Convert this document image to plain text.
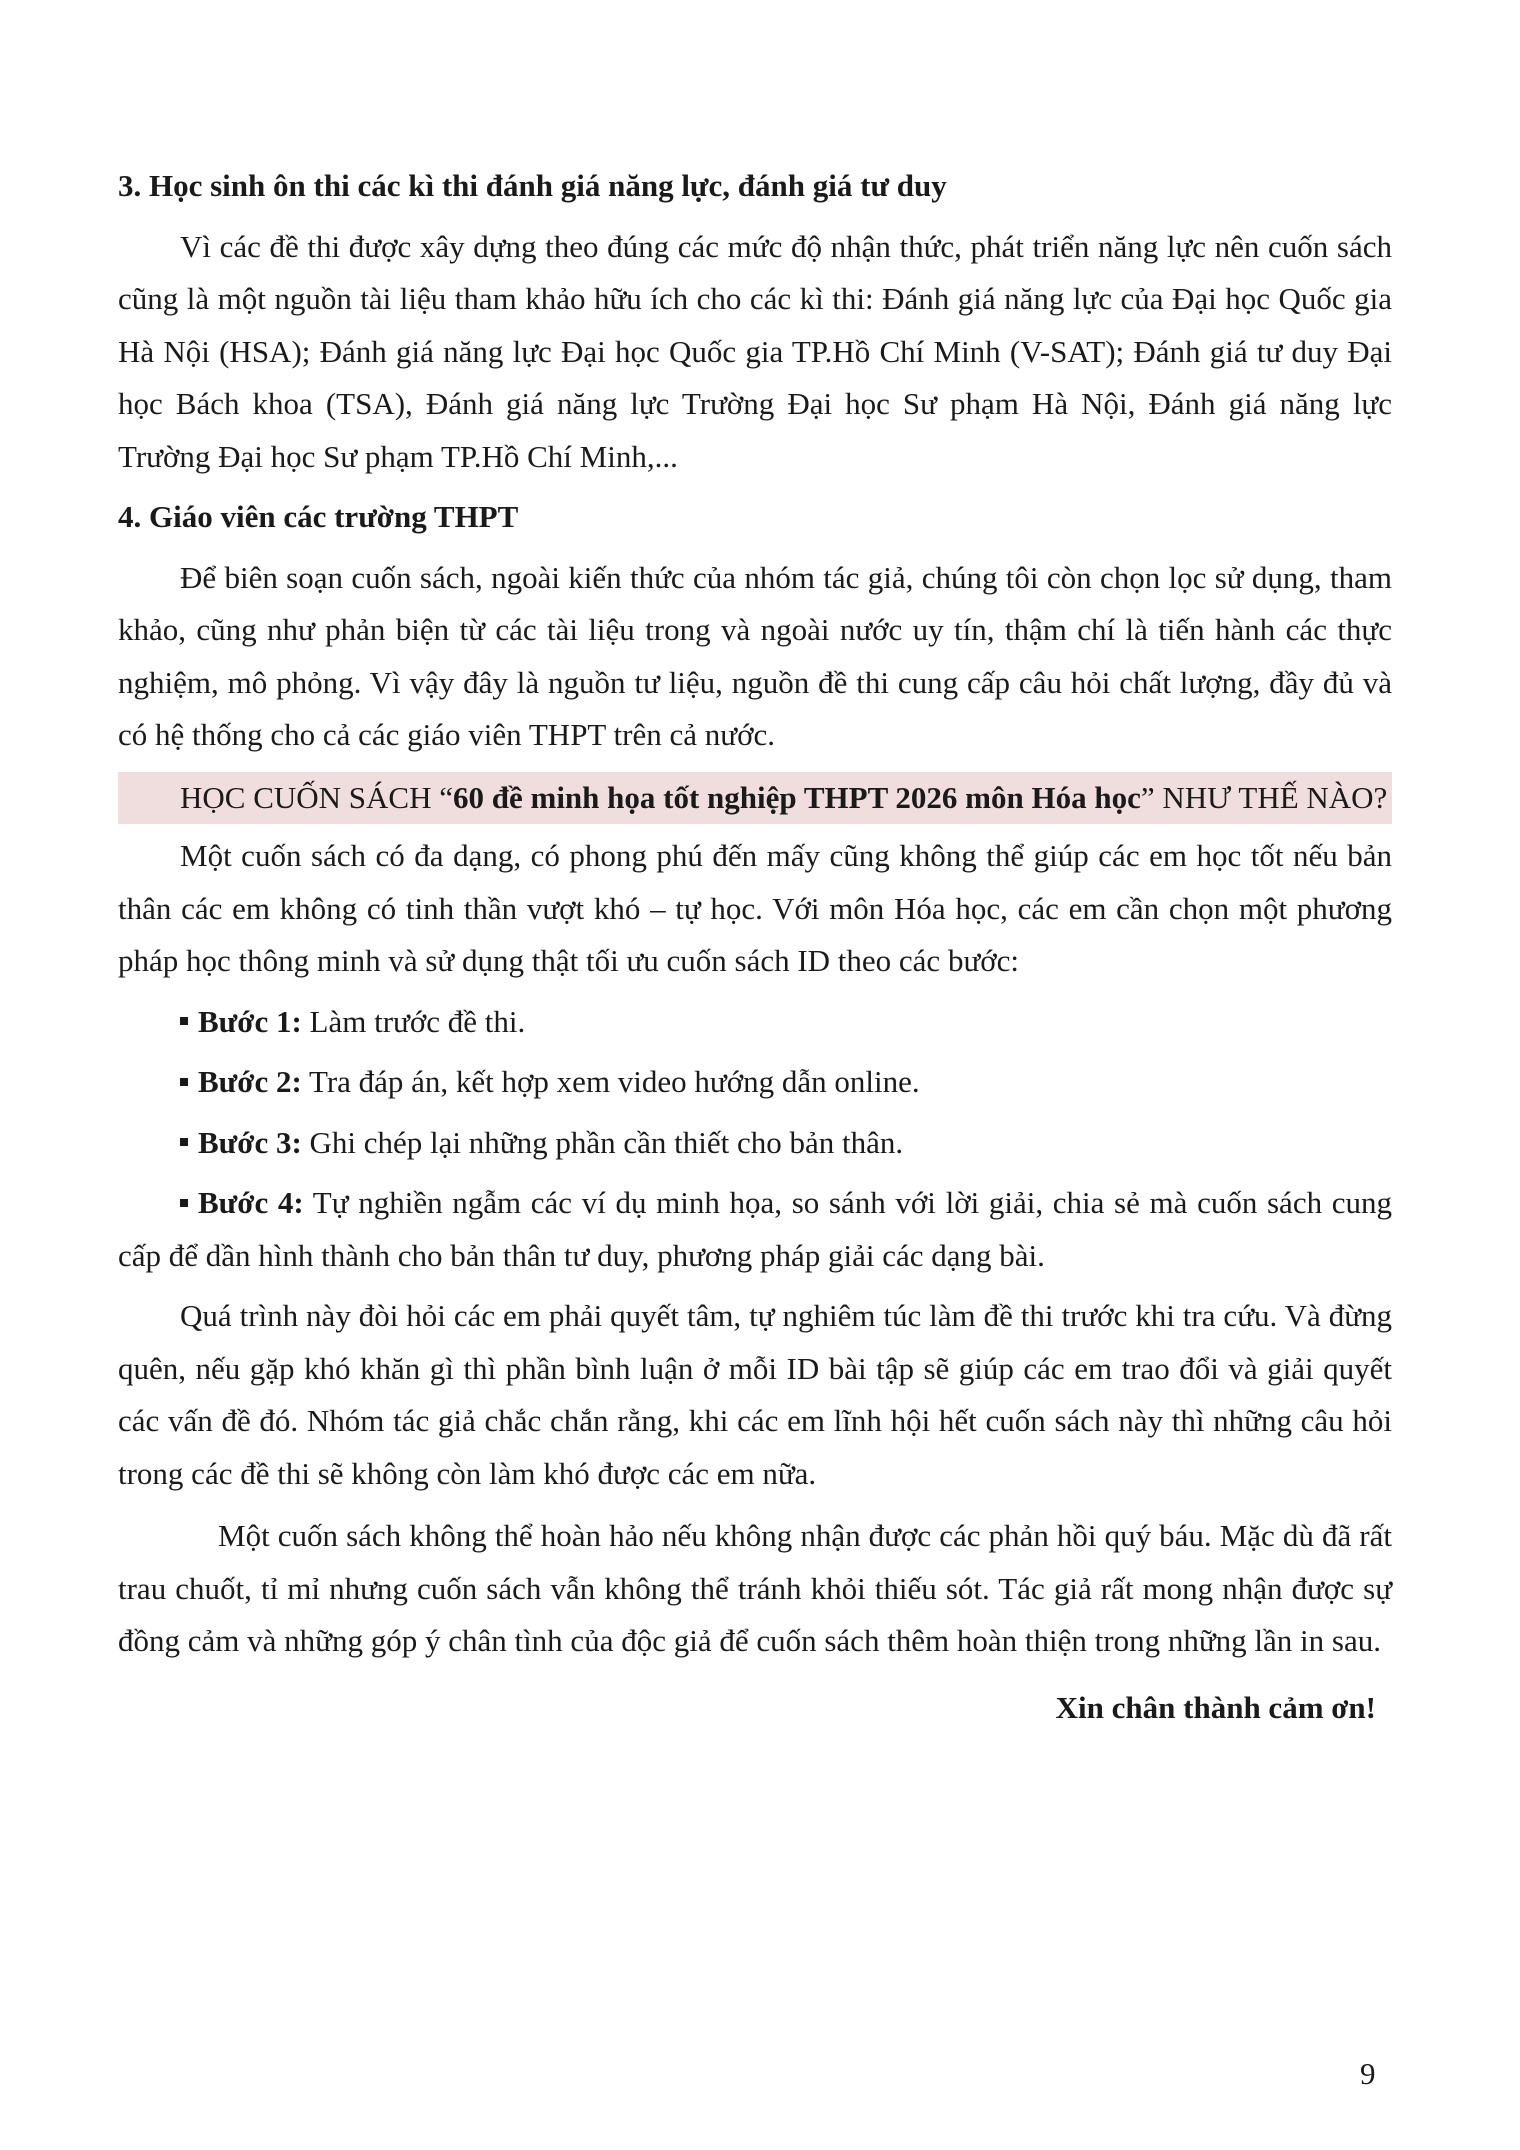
3. Học sinh ôn thi các kì thi đánh giá năng lực, đánh giá tư duy

Vì các đề thi được xây dựng theo đúng các mức độ nhận thức, phát triển năng lực nên cuốn sách cũng là một nguồn tài liệu tham khảo hữu ích cho các kì thi: Đánh giá năng lực của Đại học Quốc gia Hà Nội (HSA); Đánh giá năng lực Đại học Quốc gia TP.Hồ Chí Minh (V-SAT); Đánh giá tư duy Đại học Bách khoa (TSA), Đánh giá năng lực Trường Đại học Sư phạm Hà Nội, Đánh giá năng lực Trường Đại học Sư phạm TP.Hồ Chí Minh,...

4. Giáo viên các trường THPT

Để biên soạn cuốn sách, ngoài kiến thức của nhóm tác giả, chúng tôi còn chọn lọc sử dụng, tham khảo, cũng như phản biện từ các tài liệu trong và ngoài nước uy tín, thậm chí là tiến hành các thực nghiệm, mô phỏng. Vì vậy đây là nguồn tư liệu, nguồn đề thi cung cấp câu hỏi chất lượng, đầy đủ và có hệ thống cho cả các giáo viên THPT trên cả nước.

HỌC CUỐN SÁCH “60 đề minh họa tốt nghiệp THPT 2026 môn Hóa học” NHƯ THẾ NÀO?

Một cuốn sách có đa dạng, có phong phú đến mấy cũng không thể giúp các em học tốt nếu bản thân các em không có tinh thần vượt khó – tự học. Với môn Hóa học, các em cần chọn một phương pháp học thông minh và sử dụng thật tối ưu cuốn sách ID theo các bước:

Bước 1: Làm trước đề thi.

Bước 2: Tra đáp án, kết hợp xem video hướng dẫn online.

Bước 3: Ghi chép lại những phần cần thiết cho bản thân.

Bước 4: Tự nghiền ngẫm các ví dụ minh họa, so sánh với lời giải, chia sẻ mà cuốn sách cung cấp để dần hình thành cho bản thân tư duy, phương pháp giải các dạng bài.

Quá trình này đòi hỏi các em phải quyết tâm, tự nghiêm túc làm đề thi trước khi tra cứu. Và đừng quên, nếu gặp khó khăn gì thì phần bình luận ở mỗi ID bài tập sẽ giúp các em trao đổi và giải quyết các vấn đề đó. Nhóm tác giả chắc chắn rằng, khi các em lĩnh hội hết cuốn sách này thì những câu hỏi trong các đề thi sẽ không còn làm khó được các em nữa.

Một cuốn sách không thể hoàn hảo nếu không nhận được các phản hồi quý báu. Mặc dù đã rất trau chuốt, tỉ mỉ nhưng cuốn sách vẫn không thể tránh khỏi thiếu sót. Tác giả rất mong nhận được sự đồng cảm và những góp ý chân tình của độc giả để cuốn sách thêm hoàn thiện trong những lần in sau.

Xin chân thành cảm ơn!

9
